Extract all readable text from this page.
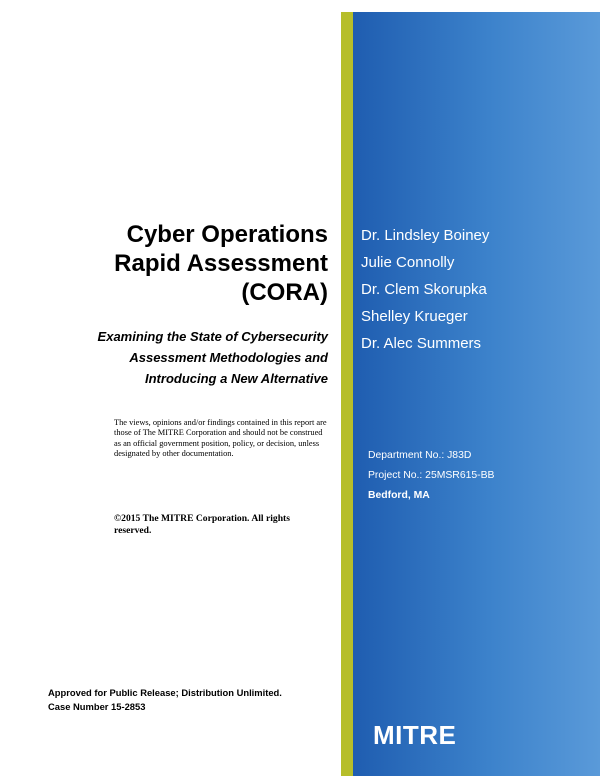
Cyber Operations
Rapid Assessment
(CORA)
Examining the State of Cybersecurity
Assessment Methodologies and
Introducing a New Alternative
The views, opinions and/or findings contained in this report are those of The MITRE Corporation and should not be construed as an official government position, policy, or decision, unless designated by other documentation.
©2015 The MITRE Corporation. All rights reserved.
Approved for Public Release; Distribution Unlimited.
Case Number 15-2853
Dr. Lindsley Boiney
Julie Connolly
Dr. Clem Skorupka
Shelley Krueger
Dr. Alec Summers
Department No.: J83D
Project No.: 25MSR615-BB
Bedford, MA
MITRE
